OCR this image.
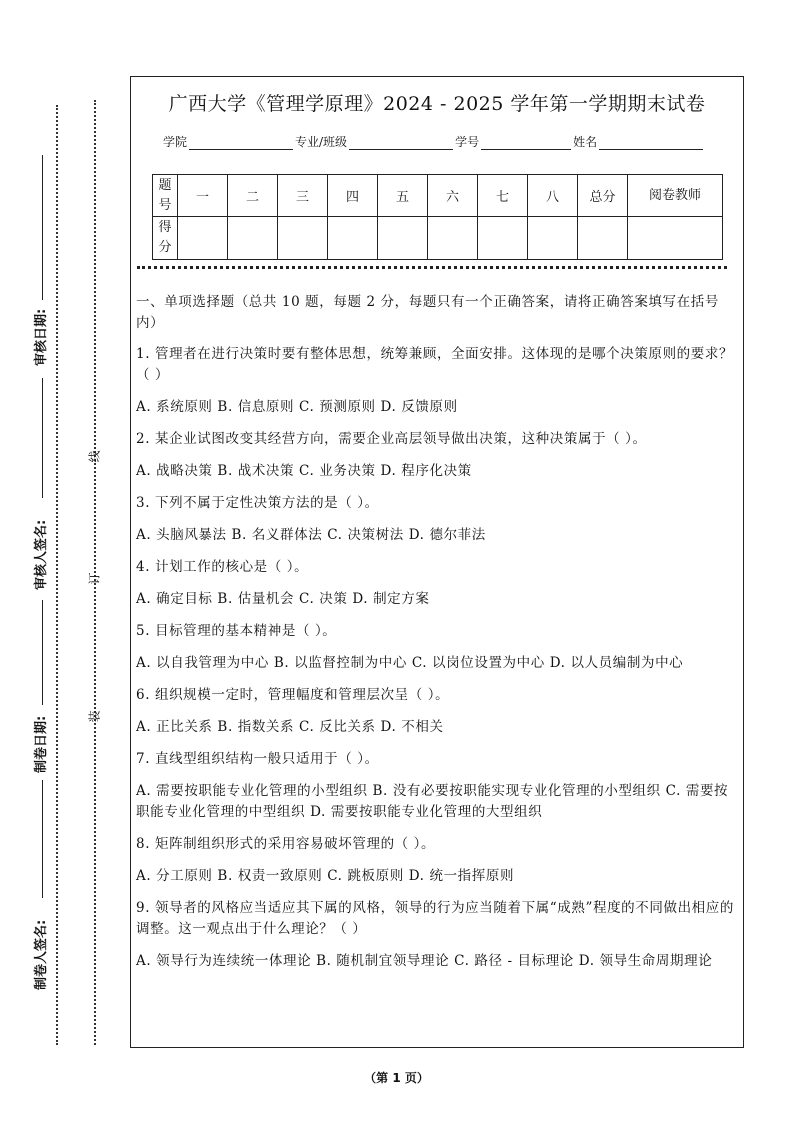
审核日期:
审核人签名:
制卷日期:
制卷人签名:
线
订
装
广西大学《管理学原理》2024 - 2025 学年第一学期期末试卷
学院	专业/班级	学号	姓名
题号	一	二	三	四	五	六	七	八	总分	阅卷教师
得分										

一、单项选择题（总共 10 题，每题 2 分，每题只有一个正确答案，请将正确答案填写在括号内）

1. 管理者在进行决策时要有整体思想，统筹兼顾，全面安排。这体现的是哪个决策原则的要求？（ ）

A. 系统原则 B. 信息原则 C. 预测原则 D. 反馈原则

2. 某企业试图改变其经营方向，需要企业高层领导做出决策，这种决策属于（ ）。

A. 战略决策 B. 战术决策 C. 业务决策 D. 程序化决策

3. 下列不属于定性决策方法的是（ ）。

A. 头脑风暴法 B. 名义群体法 C. 决策树法 D. 德尔菲法

4. 计划工作的核心是（ ）。

A. 确定目标 B. 估量机会 C. 决策 D. 制定方案

5. 目标管理的基本精神是（ ）。

A. 以自我管理为中心 B. 以监督控制为中心 C. 以岗位设置为中心 D. 以人员编制为中心

6. 组织规模一定时，管理幅度和管理层次呈（ ）。

A. 正比关系 B. 指数关系 C. 反比关系 D. 不相关

7. 直线型组织结构一般只适用于（ ）。

A. 需要按职能专业化管理的小型组织 B. 没有必要按职能实现专业化管理的小型组织 C. 需要按职能专业化管理的中型组织 D. 需要按职能专业化管理的大型组织

8. 矩阵制组织形式的采用容易破坏管理的（ ）。

A. 分工原则 B. 权责一致原则 C. 跳板原则 D. 统一指挥原则

9. 领导者的风格应当适应其下属的风格，领导的行为应当随着下属“成熟”程度的不同做出相应的调整。这一观点出于什么理论？（ ）

A. 领导行为连续统一体理论 B. 随机制宜领导理论 C. 路径 - 目标理论 D. 领导生命周期理论

（第 1 页）
